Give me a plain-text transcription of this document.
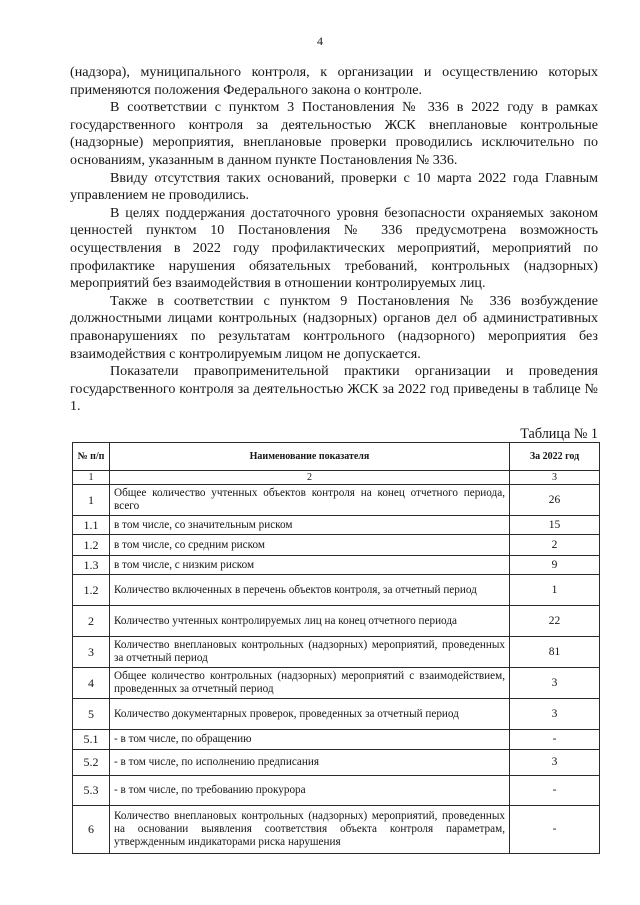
4

(надзора), муниципального контроля, к организации и осуществлению которых применяются положения Федерального закона о контроле.

В соответствии с пунктом 3 Постановления № 336 в 2022 году в рамках государственного контроля за деятельностью ЖСК внеплановые контрольные (надзорные) мероприятия, внеплановые проверки проводились исключительно по основаниям, указанным в данном пункте Постановления № 336.

Ввиду отсутствия таких оснований, проверки с 10 марта 2022 года Главным управлением не проводились.

В целях поддержания достаточного уровня безопасности охраняемых законом ценностей пунктом 10 Постановления № 336 предусмотрена возможность осуществления в 2022 году профилактических мероприятий, мероприятий по профилактике нарушения обязательных требований, контрольных (надзорных) мероприятий без взаимодействия в отношении контролируемых лиц.

Также в соответствии с пунктом 9 Постановления № 336 возбуждение должностными лицами контрольных (надзорных) органов дел об административных правонарушениях по результатам контрольного (надзорного) мероприятия без взаимодействия с контролируемым лицом не допускается.

Показатели правоприменительной практики организации и проведения государственного контроля за деятельностью ЖСК за 2022 год приведены в таблице № 1.

Таблица № 1
№ п/п	Наименование показателя	За 2022 год
1	2	3
1	Общее количество учтенных объектов контроля на конец отчетного периода, всего	26
1.1	в том числе, со значительным риском	15
1.2	в том числе, со средним риском	2
1.3	в том числе, с низким риском	9
1.2	Количество включенных в перечень объектов контроля, за отчетный период	1
2	Количество учтенных контролируемых лиц на конец отчетного периода	22
3	Количество внеплановых контрольных (надзорных) мероприятий, проведенных за отчетный период	81
4	Общее количество контрольных (надзорных) мероприятий с взаимодействием, проведенных за отчетный период	3
5	Количество документарных проверок, проведенных за отчетный период	3
5.1	- в том числе, по обращению	-
5.2	- в том числе, по исполнению предписания	3
5.3	- в том числе, по требованию прокурора	-
6	Количество внеплановых контрольных (надзорных) мероприятий, проведенных на основании выявления соответствия объекта контроля параметрам, утвержденным индикаторами риска нарушения	-
